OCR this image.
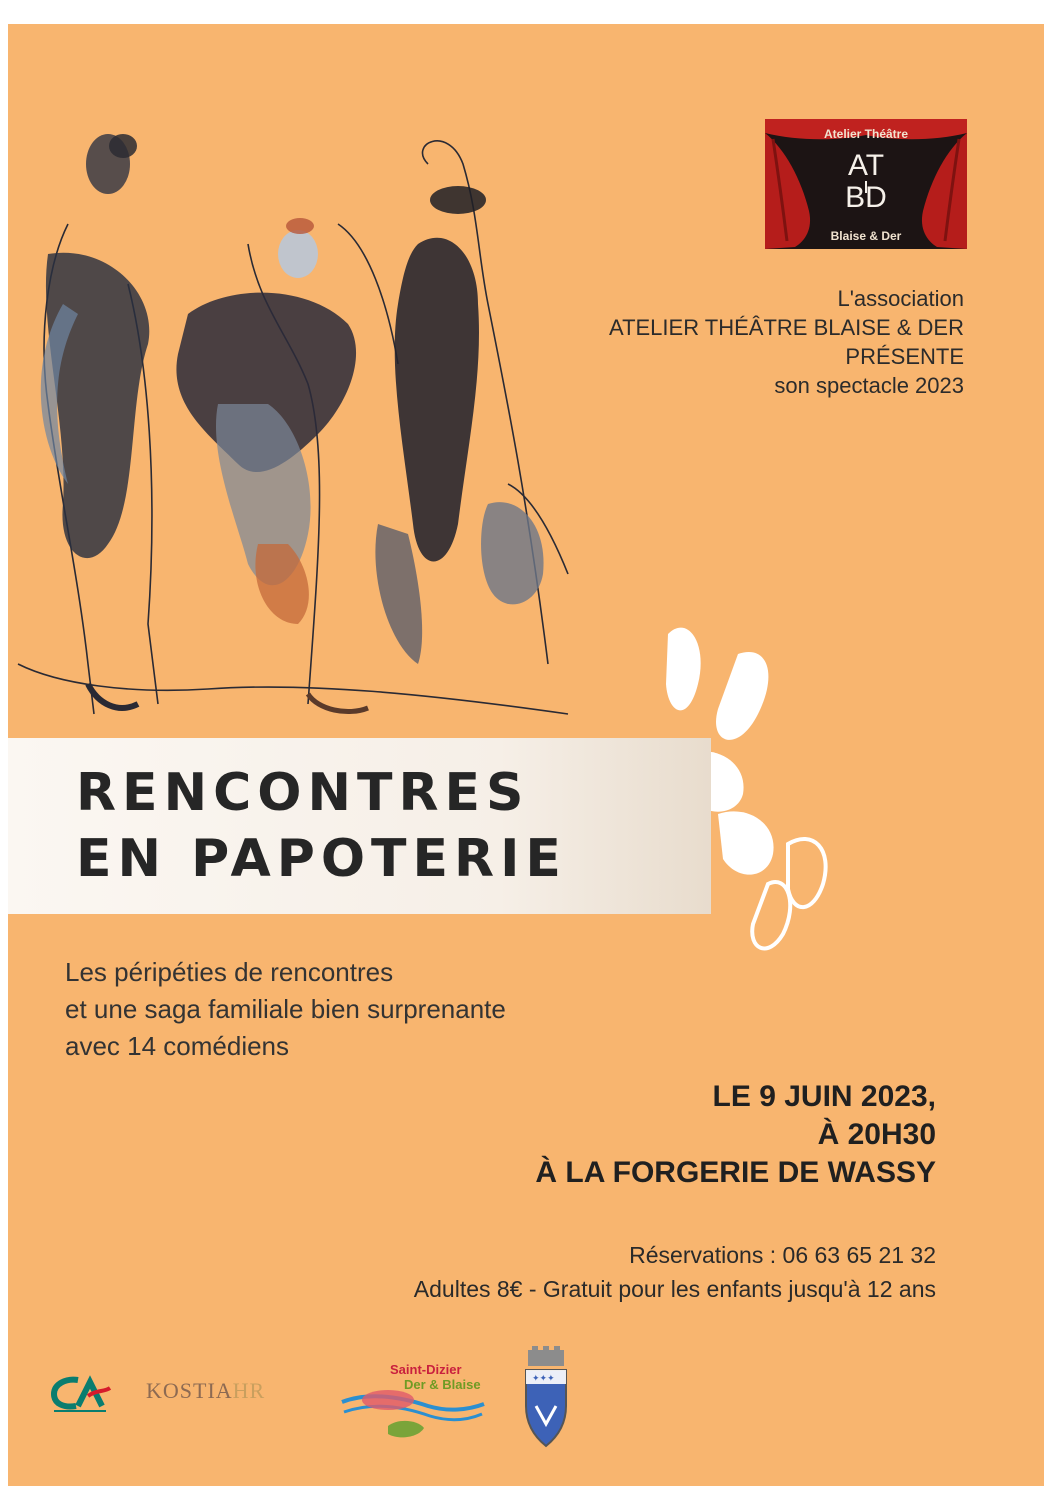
Atelier Théâtre
AT
BD
Blaise & Der
L'association
ATELIER THÉÂTRE BLAISE & DER
PRÉSENTE
son spectacle 2023
RENCONTRES
EN PAPOTERIE
Les péripéties de rencontres
et une saga familiale bien surprenante
avec 14 comédiens
LE 9 JUIN 2023,
À 20H30
À LA FORGERIE DE WASSY
Réservations : 06 63 65 21 32
Adultes 8€ - Gratuit pour les enfants jusqu'à 12 ans
KOSTIAHR
Saint-Dizier
Der & Blaise	✦✦✦
